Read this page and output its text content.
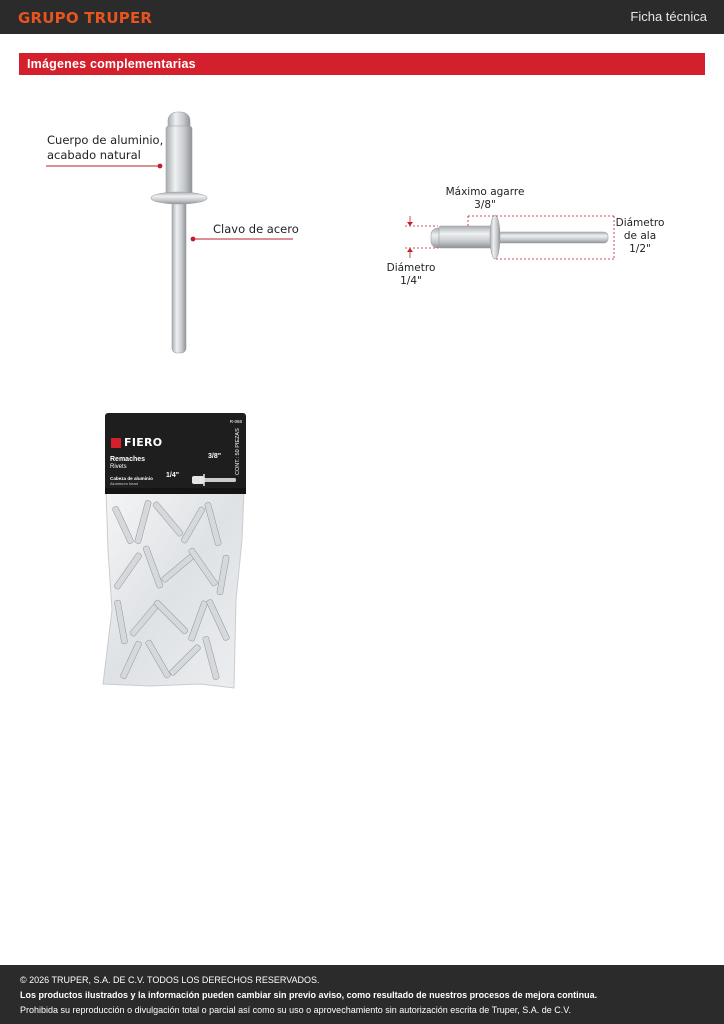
GRUPO TRUPER	Ficha técnica
Imágenes complementarias
Cuerpo de aluminio,
acabado natural
Clavo de acero
Máximo agarre
3/8"
Diámetro
de ala
1/2"
Diámetro
1/4"
R-068
FIERO
Remaches
Rivets
Cabeza de aluminio
Aluminum head
1/4"
3/8"	CONT.: 50 PIEZAS
© 2026 TRUPER, S.A. DE C.V. TODOS LOS DERECHOS RESERVADOS.
Los productos ilustrados y la información pueden cambiar sin previo aviso, como resultado de nuestros procesos de mejora continua.
Prohibida su reproducción o divulgación total o parcial así como su uso o aprovechamiento sin autorización escrita de Truper, S.A. de C.V.
